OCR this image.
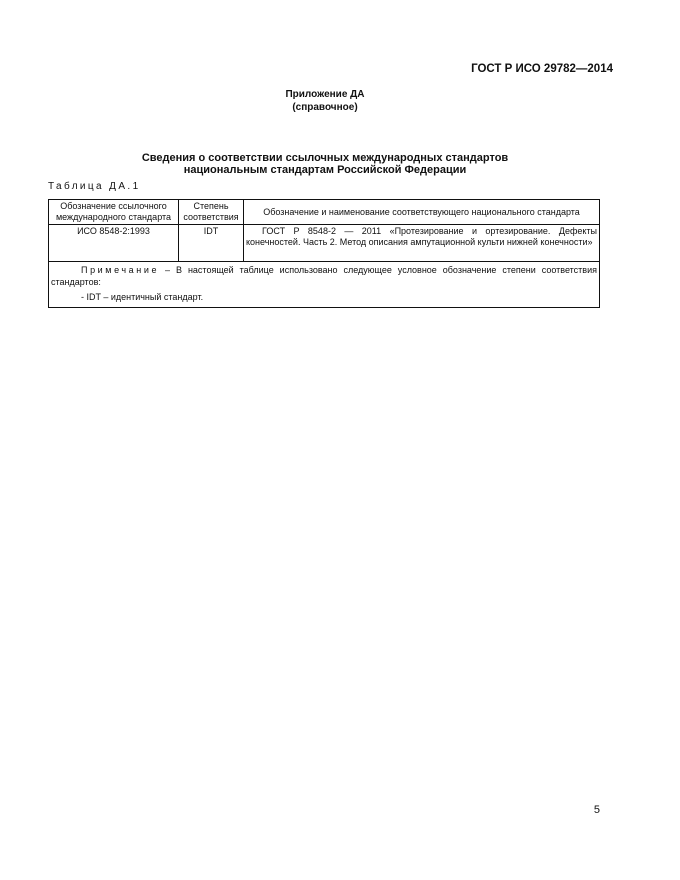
ГОСТ Р ИСО 29782—2014
Приложение ДА
(справочное)
Сведения о соответствии ссылочных международных стандартов
национальным стандартам Российской Федерации
Таблица ДА.1
Обозначение ссылочного международного стандарта	Степень соответствия	Обозначение и наименование соответствующего национального стандарта
ИСО 8548-2:1993	IDT	ГОСТ Р 8548-2 — 2011 «Протезирование и ортезирование. Дефекты конечностей. Часть 2. Метод описания ампутационной культи нижней конечности»

Примечание – В настоящей таблице использовано следующее условное обозначение степени соответствия стандартов:
- IDT – идентичный стандарт.		
5
